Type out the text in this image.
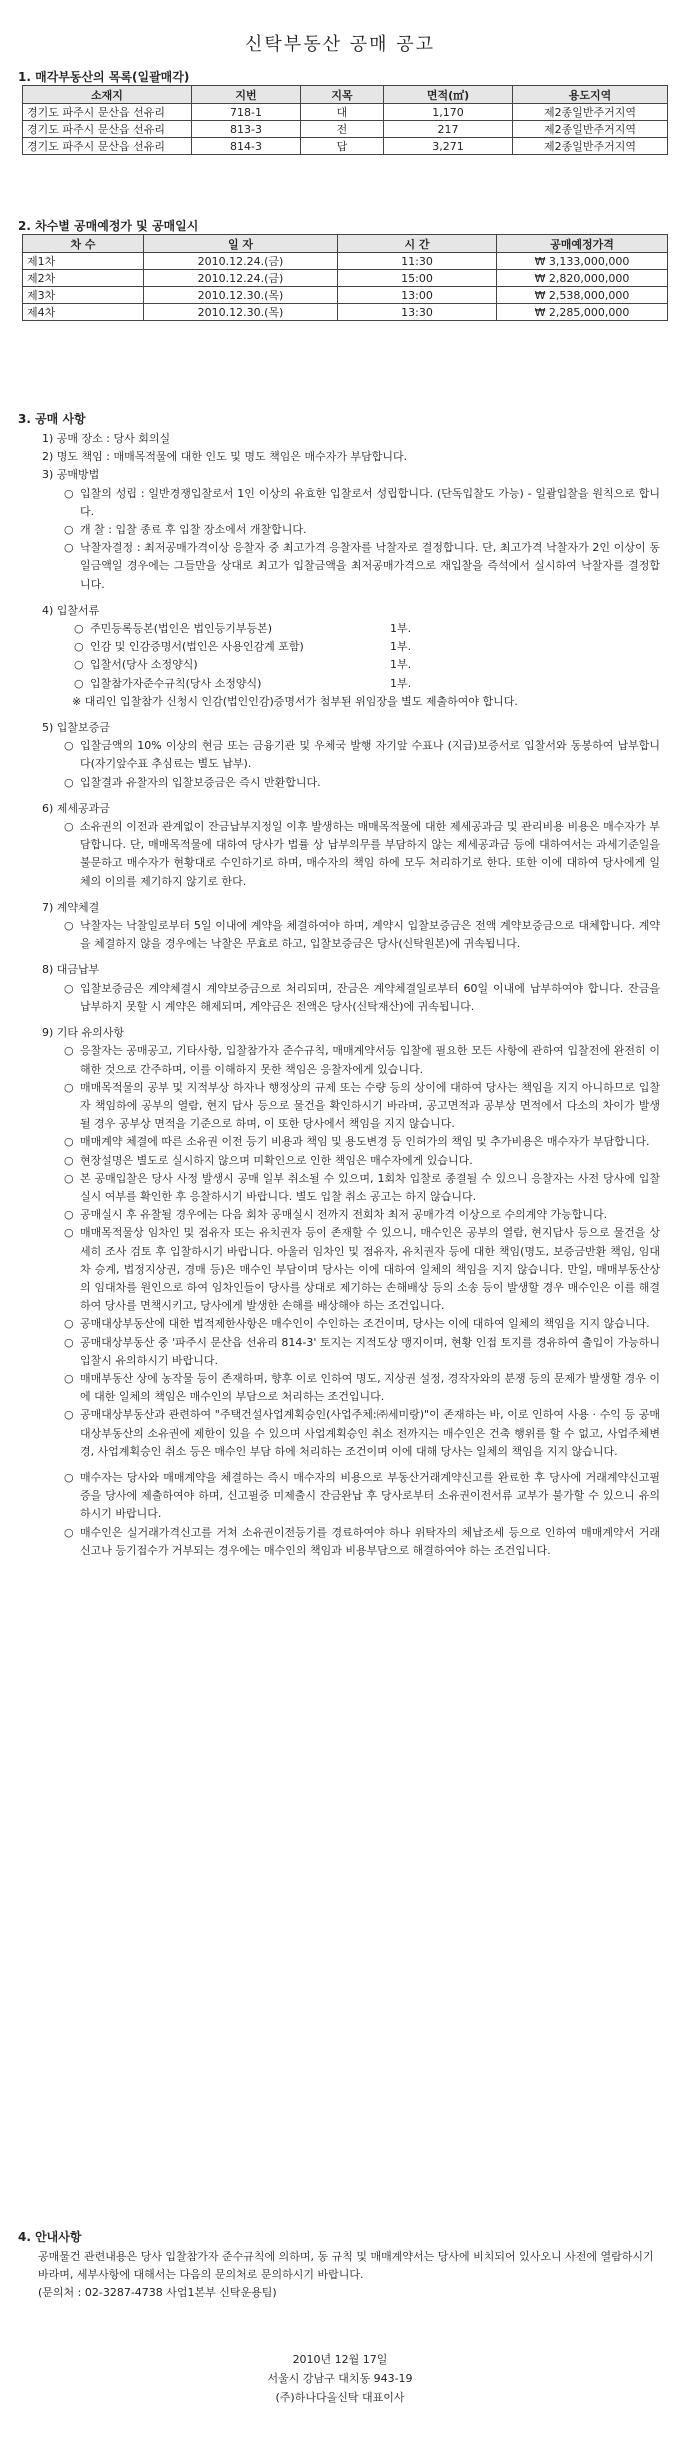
신탁부동산 공매 공고
1. 매각부동산의 목록(일괄매각)
소재지	지번	지목	면적(㎡)	용도지역
경기도 파주시 문산읍 선유리	718-1	대	1,170	제2종일반주거지역
경기도 파주시 문산읍 선유리	813-3	전	217	제2종일반주거지역
경기도 파주시 문산읍 선유리	814-3	답	3,271	제2종일반주거지역
2. 차수별 공매예정가 및 공매일시
차 수	일 자	시 간	공매예정가격
제1차	2010.12.24.(금)	11:30	₩ 3,133,000,000
제2차	2010.12.24.(금)	15:00	₩ 2,820,000,000
제3차	2010.12.30.(목)	13:00	₩ 2,538,000,000
제4차	2010.12.30.(목)	13:30	₩ 2,285,000,000
3. 공매 사항
1) 공매 장소 : 당사 회의실
2) 명도 책임 : 매매목적물에 대한 인도 및 명도 책임은 매수자가 부담합니다.
3) 공매방법
○ 입찰의 성립 : 일반경쟁입찰로서 1인 이상의 유효한 입찰로서 성립합니다. (단독입찰도 가능) - 일괄입찰을 원칙으로 합니다.
○ 개 찰 : 입찰 종료 후 입찰 장소에서 개찰합니다.
○ 낙찰자결정 : 최저공매가격이상 응찰자 중 최고가격 응찰자를 낙찰자로 결정합니다. 단, 최고가격 낙찰자가 2인 이상이 동일금액일 경우에는 그들만을 상대로 최고가 입찰금액을 최저공매가격으로 재입찰을 즉석에서 실시하여 낙찰자를 결정합니다.
4) 입찰서류
○ 주민등록등본(법인은 법인등기부등본)	1부.
○ 인감 및 인감증명서(법인은 사용인감계 포함)	1부.
○ 입찰서(당사 소정양식)	1부.
○ 입찰참가자준수규칙(당사 소정양식)	1부.
※ 대리인 입찰참가 신청시 인감(법인인감)증명서가 첨부된 위임장을 별도 제출하여야 합니다.
5) 입찰보증금
○ 입찰금액의 10% 이상의 현금 또는 금융기관 및 우체국 발행 자기앞 수표나 (지급)보증서로 입찰서와 동봉하여 납부합니다(자기앞수표 추심료는 별도 납부).
○ 입찰결과 유찰자의 입찰보증금은 즉시 반환합니다.
6) 제세공과금
○ 소유권의 이전과 관계없이 잔금납부지정일 이후 발생하는 매매목적물에 대한 제세공과금 및 관리비용 비용은 매수자가 부담합니다. 단, 매매목적물에 대하여 당사가 법률 상 납부의무를 부담하지 않는 제세공과금 등에 대하여서는 과세기준일을 불문하고 매수자가 현황대로 수인하기로 하며, 매수자의 책임 하에 모두 처리하기로 한다. 또한 이에 대하여 당사에게 일체의 이의를 제기하지 않기로 한다.
7) 계약체결
○ 낙찰자는 낙찰일로부터 5일 이내에 계약을 체결하여야 하며, 계약시 입찰보증금은 전액 계약보증금으로 대체합니다. 계약을 체결하지 않을 경우에는 낙찰은 무효로 하고, 입찰보증금은 당사(신탁원본)에 귀속됩니다.
8) 대금납부
○ 입찰보증금은 계약체결시 계약보증금으로 처리되며, 잔금은 계약체결일로부터 60일 이내에 납부하여야 합니다. 잔금을 납부하지 못할 시 계약은 해제되며, 계약금은 전액은 당사(신탁재산)에 귀속됩니다.
9) 기타 유의사항
○ 응찰자는 공매공고, 기타사항, 입찰참가자 준수규칙, 매매계약서등 입찰에 필요한 모든 사항에 관하여 입찰전에 완전히 이해한 것으로 간주하며, 이를 이해하지 못한 책임은 응찰자에게 있습니다.
○ 매매목적물의 공부 및 지적부상 하자나 행정상의 규제 또는 수량 등의 상이에 대하여 당사는 책임을 지지 아니하므로 입찰자 책임하에 공부의 열람, 현지 답사 등으로 물건을 확인하시기 바라며, 공고면적과 공부상 면적에서 다소의 차이가 발생될 경우 공부상 면적을 기준으로 하며, 이 또한 당사에서 책임을 지지 않습니다.
○ 매매계약 체결에 따른 소유권 이전 등기 비용과 책임 및 용도변경 등 인허가의 책임 및 추가비용은 매수자가 부담합니다.
○ 현장설명은 별도로 실시하지 않으며 미확인으로 인한 책임은 매수자에게 있습니다.
○ 본 공매입찰은 당사 사정 발생시 공매 일부 취소될 수 있으며, 1회차 입찰로 종결될 수 있으니 응찰자는 사전 당사에 입찰 실시 여부를 확인한 후 응찰하시기 바랍니다. 별도 입찰 취소 공고는 하지 않습니다.
○ 공매실시 후 유찰될 경우에는 다음 회차 공매실시 전까지 전회차 최저 공매가격 이상으로 수의계약 가능합니다.
○ 매매목적물상 임차인 및 점유자 또는 유치권자 등이 존재할 수 있으니, 매수인은 공부의 열람, 현지답사 등으로 물건을 상세히 조사 검토 후 입찰하시기 바랍니다. 아울러 임차인 및 점유자, 유치권자 등에 대한 책임(명도, 보증금반환 책임, 임대차 승계, 법정지상권, 경매 등)은 매수인 부담이며 당사는 이에 대하여 일체의 책임을 지지 않습니다. 만일, 매매부동산상의 임대차를 원인으로 하여 임차인들이 당사를 상대로 제기하는 손해배상 등의 소송 등이 발생할 경우 매수인은 이를 해결하여 당사를 면책시키고, 당사에게 발생한 손해를 배상해야 하는 조건입니다.
○ 공매대상부동산에 대한 법적제한사항은 매수인이 수인하는 조건이며, 당사는 이에 대하여 일체의 책임을 지지 않습니다.
○ 공매대상부동산 중 '파주시 문산읍 선유리 814-3' 토지는 지적도상 맹지이며, 현황 인접 토지를 경유하여 출입이 가능하니 입찰시 유의하시기 바랍니다.
○ 매매부동산 상에 농작물 등이 존재하며, 향후 이로 인하여 명도, 지상권 설정, 경작자와의 분쟁 등의 문제가 발생할 경우 이에 대한 일체의 책임은 매수인의 부담으로 처리하는 조건입니다.
○ 공매대상부동산과 관련하여 "주택건설사업계획승인(사업주체:㈜세미랑)"이 존재하는 바, 이로 인하여 사용 · 수익 등 공매대상부동산의 소유권에 제한이 있을 수 있으며 사업계획승인 취소 전까지는 매수인은 건축 행위를 할 수 없고, 사업주체변경, 사업계획승인 취소 등은 매수인 부담 하에 처리하는 조건이며 이에 대해 당사는 일체의 책임을 지지 않습니다.
○ 매수자는 당사와 매매계약을 체결하는 즉시 매수자의 비용으로 부동산거래계약신고를 완료한 후 당사에 거래계약신고필증을 당사에 제출하여야 하며, 신고필증 미제출시 잔금완납 후 당사로부터 소유권이전서류 교부가 불가할 수 있으니 유의하시기 바랍니다.
○ 매수인은 실거래가격신고를 거쳐 소유권이전등기를 경료하여야 하나 위탁자의 체납조세 등으로 인하여 매매계약서 거래신고나 등기접수가 거부되는 경우에는 매수인의 책임과 비용부담으로 해결하여야 하는 조건입니다.
4. 안내사항
공매물건 관련내용은 당사 입찰참가자 준수규칙에 의하며, 동 규칙 및 매매계약서는 당사에 비치되어 있사오니 사전에 열람하시기 바라며, 세부사항에 대해서는 다음의 문의처로 문의하시기 바랍니다.
(문의처 : 02-3287-4738 사업1본부 신탁운용팀)
2010년 12월 17일
서울시 강남구 대치동 943-19
(주)하나다올신탁 대표이사
